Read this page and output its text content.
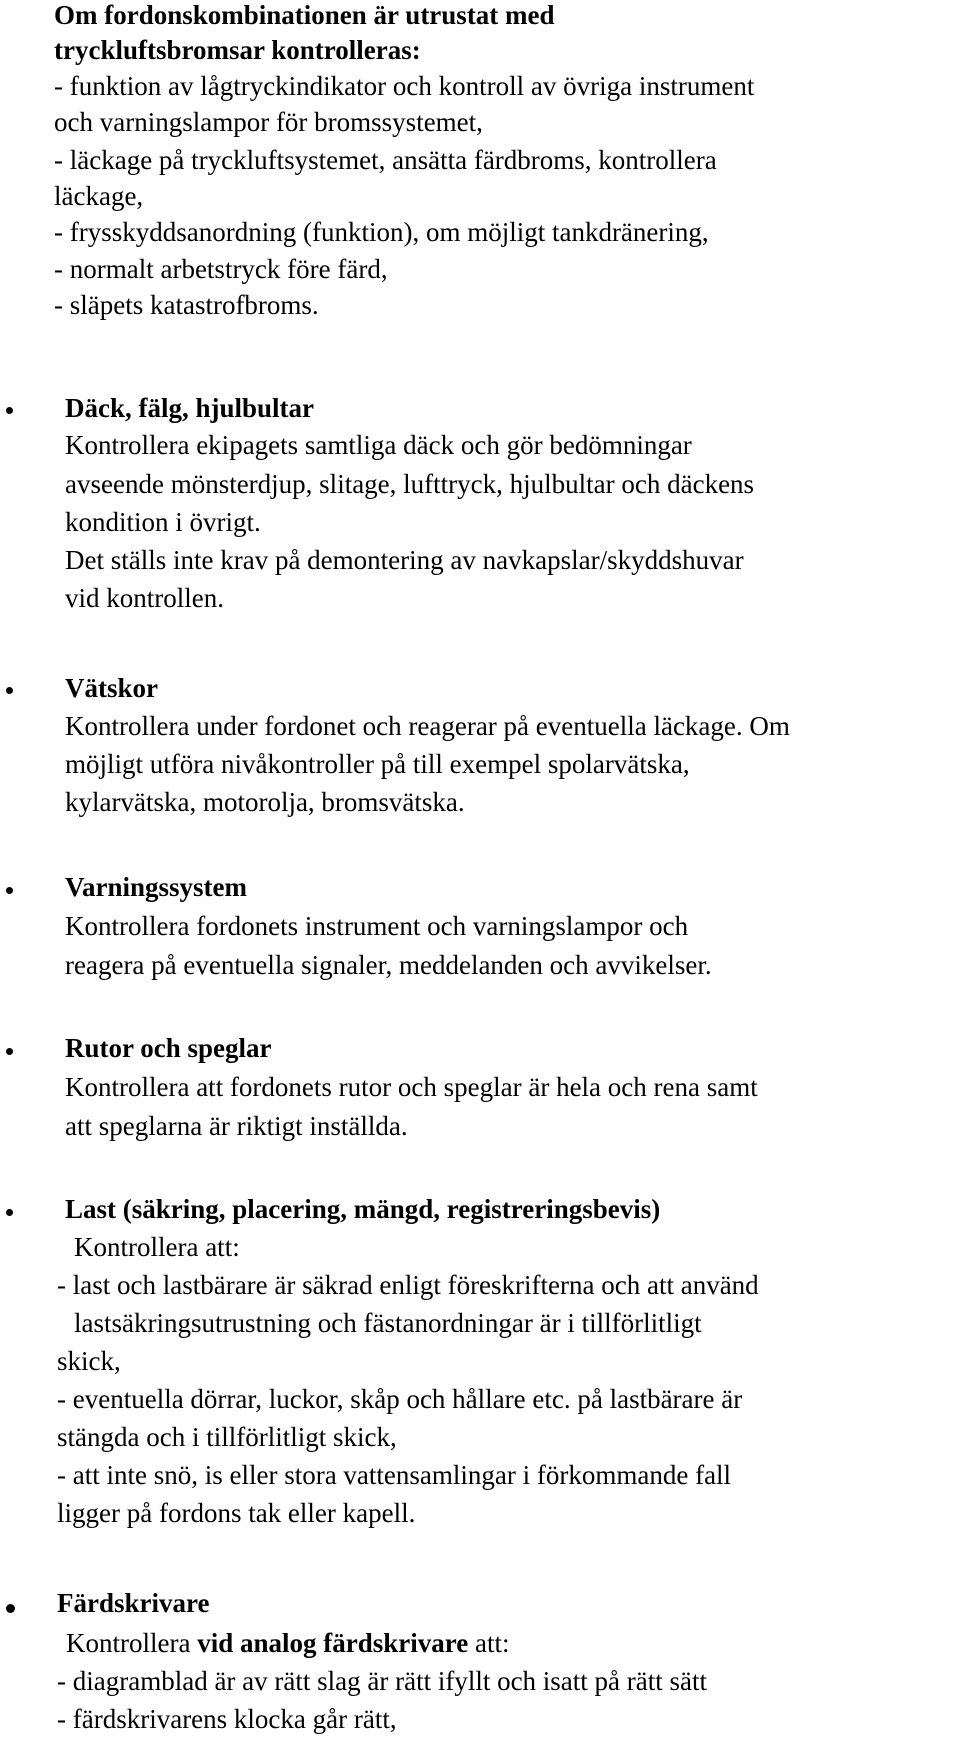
Om fordonskombinationen är utrustat med
tryckluftsbromsar kontrolleras:
- funktion av lågtryckindikator och kontroll av övriga instrument
och varningslampor för bromssystemet,
- läckage på tryckluftsystemet, ansätta färdbroms, kontrollera
läckage,
- frysskyddsanordning (funktion), om möjligt tankdränering,
- normalt arbetstryck före färd,
- släpets katastrofbroms.
Däck, fälg, hjulbultar
Kontrollera ekipagets samtliga däck och gör bedömningar
avseende mönsterdjup, slitage, lufttryck, hjulbultar och däckens
kondition i övrigt.
Det ställs inte krav på demontering av navkapslar/skyddshuvar
vid kontrollen.
Vätskor
Kontrollera under fordonet och reagerar på eventuella läckage. Om
möjligt utföra nivåkontroller på till exempel spolarvätska,
kylarvätska, motorolja, bromsvätska.
Varningssystem
Kontrollera fordonets instrument och varningslampor och
reagera på eventuella signaler, meddelanden och avvikelser.
Rutor och speglar
Kontrollera att fordonets rutor och speglar är hela och rena samt
att speglarna är riktigt inställda.
Last (säkring, placering, mängd, registreringsbevis)
Kontrollera att:
- last och lastbärare är säkrad enligt föreskrifterna och att använd
lastsäkringsutrustning och fästanordningar är i tillförlitligt
skick,
- eventuella dörrar, luckor, skåp och hållare etc. på lastbärare är
stängda och i tillförlitligt skick,
- att inte snö, is eller stora vattensamlingar i förkommande fall
ligger på fordons tak eller kapell.
Färdskrivare
Kontrollera vid analog färdskrivare att:
- diagramblad är av rätt slag är rätt ifyllt och isatt på rätt sätt
- färdskrivarens klocka går rätt,
